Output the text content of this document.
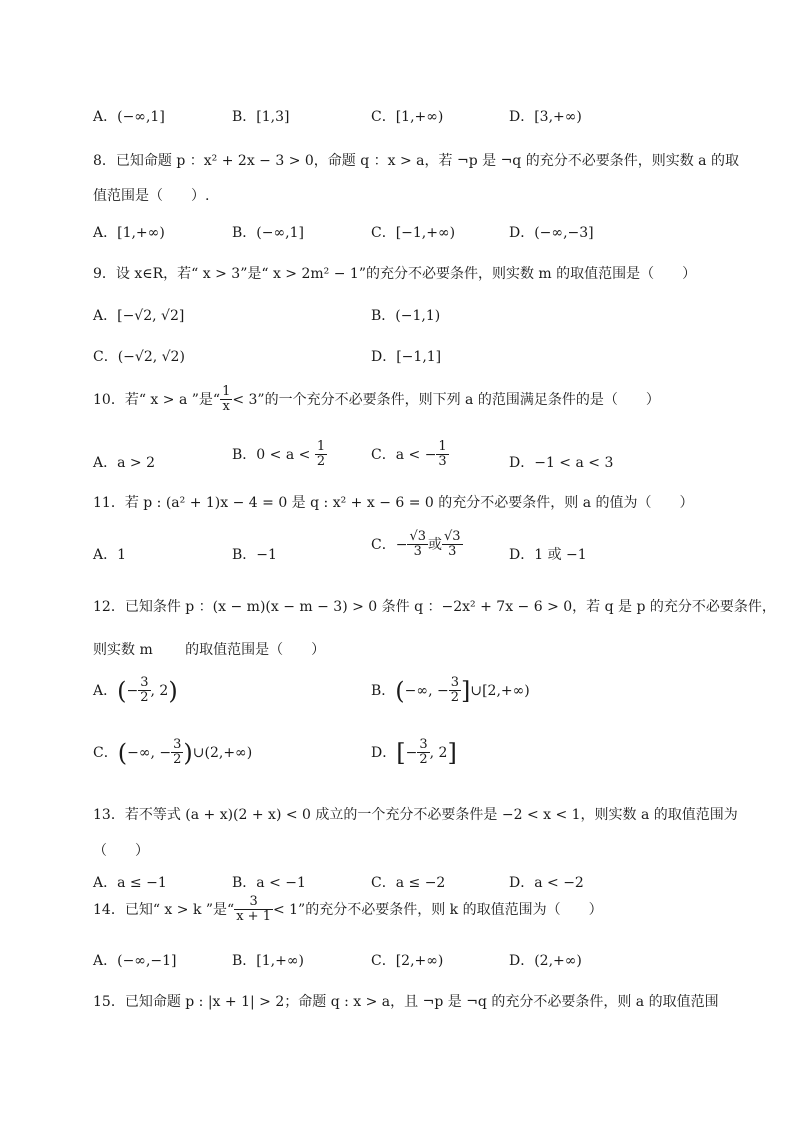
A．(−∞,1]	B．[1,3]	C．[1,+∞)	D．[3,+∞)
8．已知命题 p ：x² + 2x − 3 > 0，命题 q ：x > a，若 ¬p 是 ¬q 的充分不必要条件，则实数 a 的取
值范围是（　　）.
A．[1,+∞)	B．(−∞,1]	C．[−1,+∞)	D．(−∞,−3]
9．设 x∈R，若“ x > 3”是“ x > 2m² − 1”的充分不必要条件，则实数 m 的取值范围是（　　）
A．[−√2, √2]	B．(−1,1)
C．(−√2, √2)	D．[−1,1]
10．若“ x > a ”是“ $\frac{1}{x} < 3$”的一个充分不必要条件，则下列 a 的范围满足条件的是（　　）
A．a > 2
B．$0 < a < \frac{1}{2}$	C．a < − $\frac{1}{3}$	D．−1 < a < 3
11．若 p : (a² + 1)x − 4 = 0 是 q : x² + x − 6 = 0 的充分不必要条件，则 a 的值为（　　）
A．1	B．−1
C．− $\frac{√3}{3}$ 或 $\frac{√3}{3}$	D．1 或 −1
12．已知条件 p ：(x − m)(x − m − 3) > 0 条件 q ：−2x² + 7x − 6 > 0，若 q 是 p 的充分不必要条件，
则实数 m 　　的取值范围是（　　）
A．(− $\frac{3}{2}$ , 2)	B．(−∞, − $\frac{3}{2}$ ]∪[2,+∞)
C．(−∞, − $\frac{3}{2}$ )∪(2,+∞)	D．[− $\frac{3}{2}$ , 2]
13．若不等式 (a + x)(2 + x) < 0 成立的一个充分不必要条件是 −2 < x < 1，则实数 a 的取值范围为
（　　）
A．a ≤ −1	B．a < −1	C．a ≤ −2	D．a < −2
14．已知“ x > k ”是“ $\frac{3}{x + 1} < 1$”的充分不必要条件，则 k 的取值范围为（　　）
A．(−∞,−1]	B．[1,+∞)	C．[2,+∞)	D．(2,+∞)
15．已知命题 p : |x + 1| > 2；命题 q : x > a，且 ¬p 是 ¬q 的充分不必要条件，则 a 的取值范围
